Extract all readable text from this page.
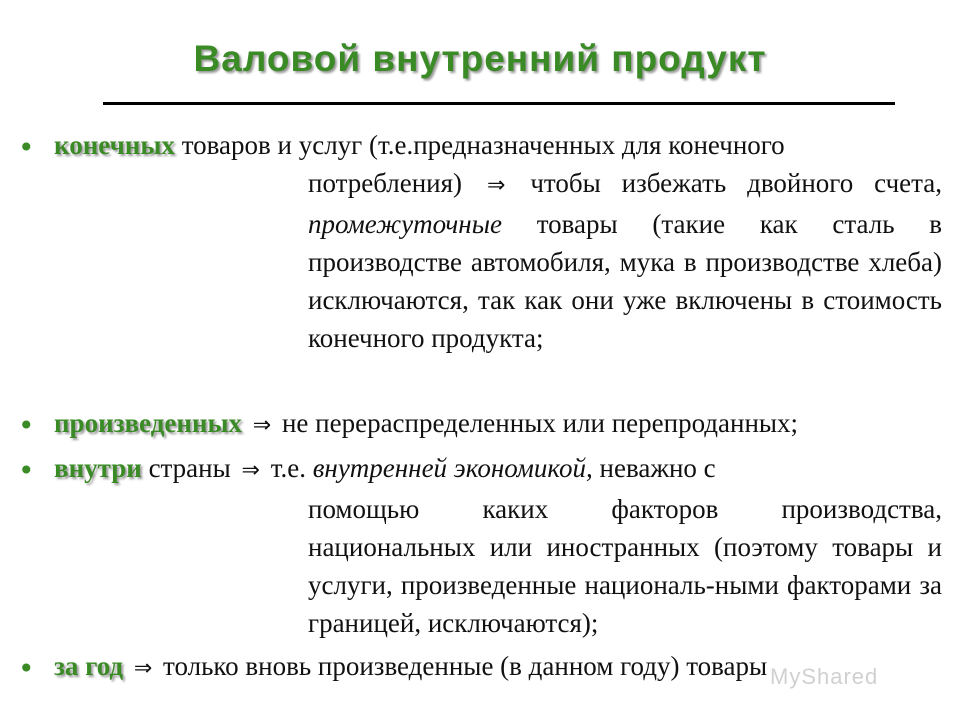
Валовой внутренний продукт
• конечных товаров и услуг (т.е.предназначенных для конечного
потребления) ⇒ чтобы избежать двойного счета, промежуточные товары (такие как сталь в производстве автомобиля, мука в производстве хлеба) исключаются, так как они уже включены в стоимость конечного продукта;
• произведенных ⇒ не перераспределенных или перепроданных;
• внутри страны ⇒ т.е. внутренней экономикой, неважно с
помощью каких факторов производства, национальных или иностранных (поэтому товары и услуги, произведенные националь-ными факторами за границей, исключаются);
• за год ⇒ только вновь произведенные (в данном году) товары MyShared
